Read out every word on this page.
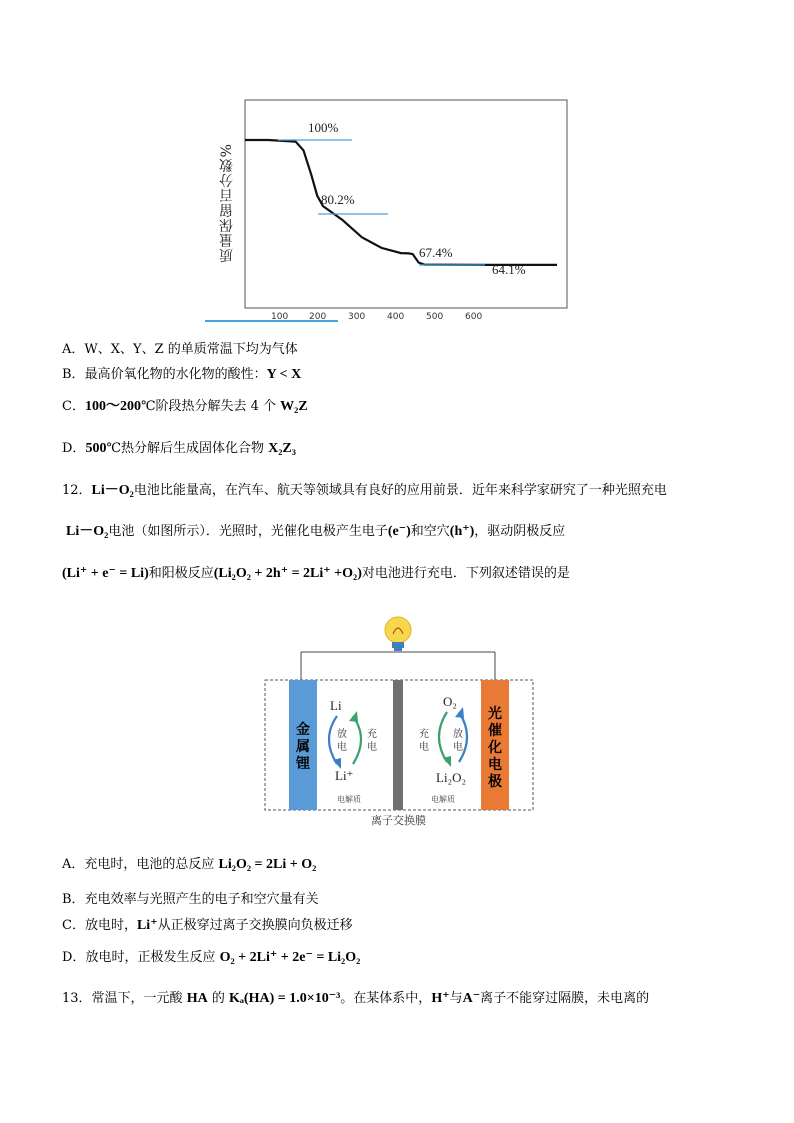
质量保留百分数%
100%
80.2%
67.4%
64.1%
100 200 300 400 500 600
A．W、X、Y、Z 的单质常温下均为气体
B．最高价氧化物的水化物的酸性：Y < X
C．100～200℃阶段热分解失去 4 个 W₂Z
D．500℃热分解后生成固体化合物 X₂Z₃
12．Li－O₂电池比能量高，在汽车、航天等领域具有良好的应用前景．近年来科学家研究了一种光照充电
Li－O₂电池（如图所示）．光照时，光催化电极产生电子(e⁻)和空穴(h⁺)，驱动阴极反应
(Li⁺ + e⁻ = Li)和阳极反应(Li₂O₂ + 2h⁺ = 2Li⁺ +O₂)对电池进行充电．下列叙述错误的是
金
属
锂
光
催
化
电
极
Li
Li⁺
O₂
Li₂O₂
放
电
充
电
充
电
放
电
电解质	电解质
离子交换膜
A．充电时，电池的总反应 Li₂O₂ = 2Li + O₂
B．充电效率与光照产生的电子和空穴量有关
C．放电时，Li⁺从正极穿过离子交换膜向负极迁移
D．放电时，正极发生反应 O₂ + 2Li⁺ + 2e⁻ = Li₂O₂
13．常温下，一元酸 HA 的 Kₐ(HA) = 1.0×10⁻³。在某体系中，H⁺与A⁻离子不能穿过隔膜，未电离的
